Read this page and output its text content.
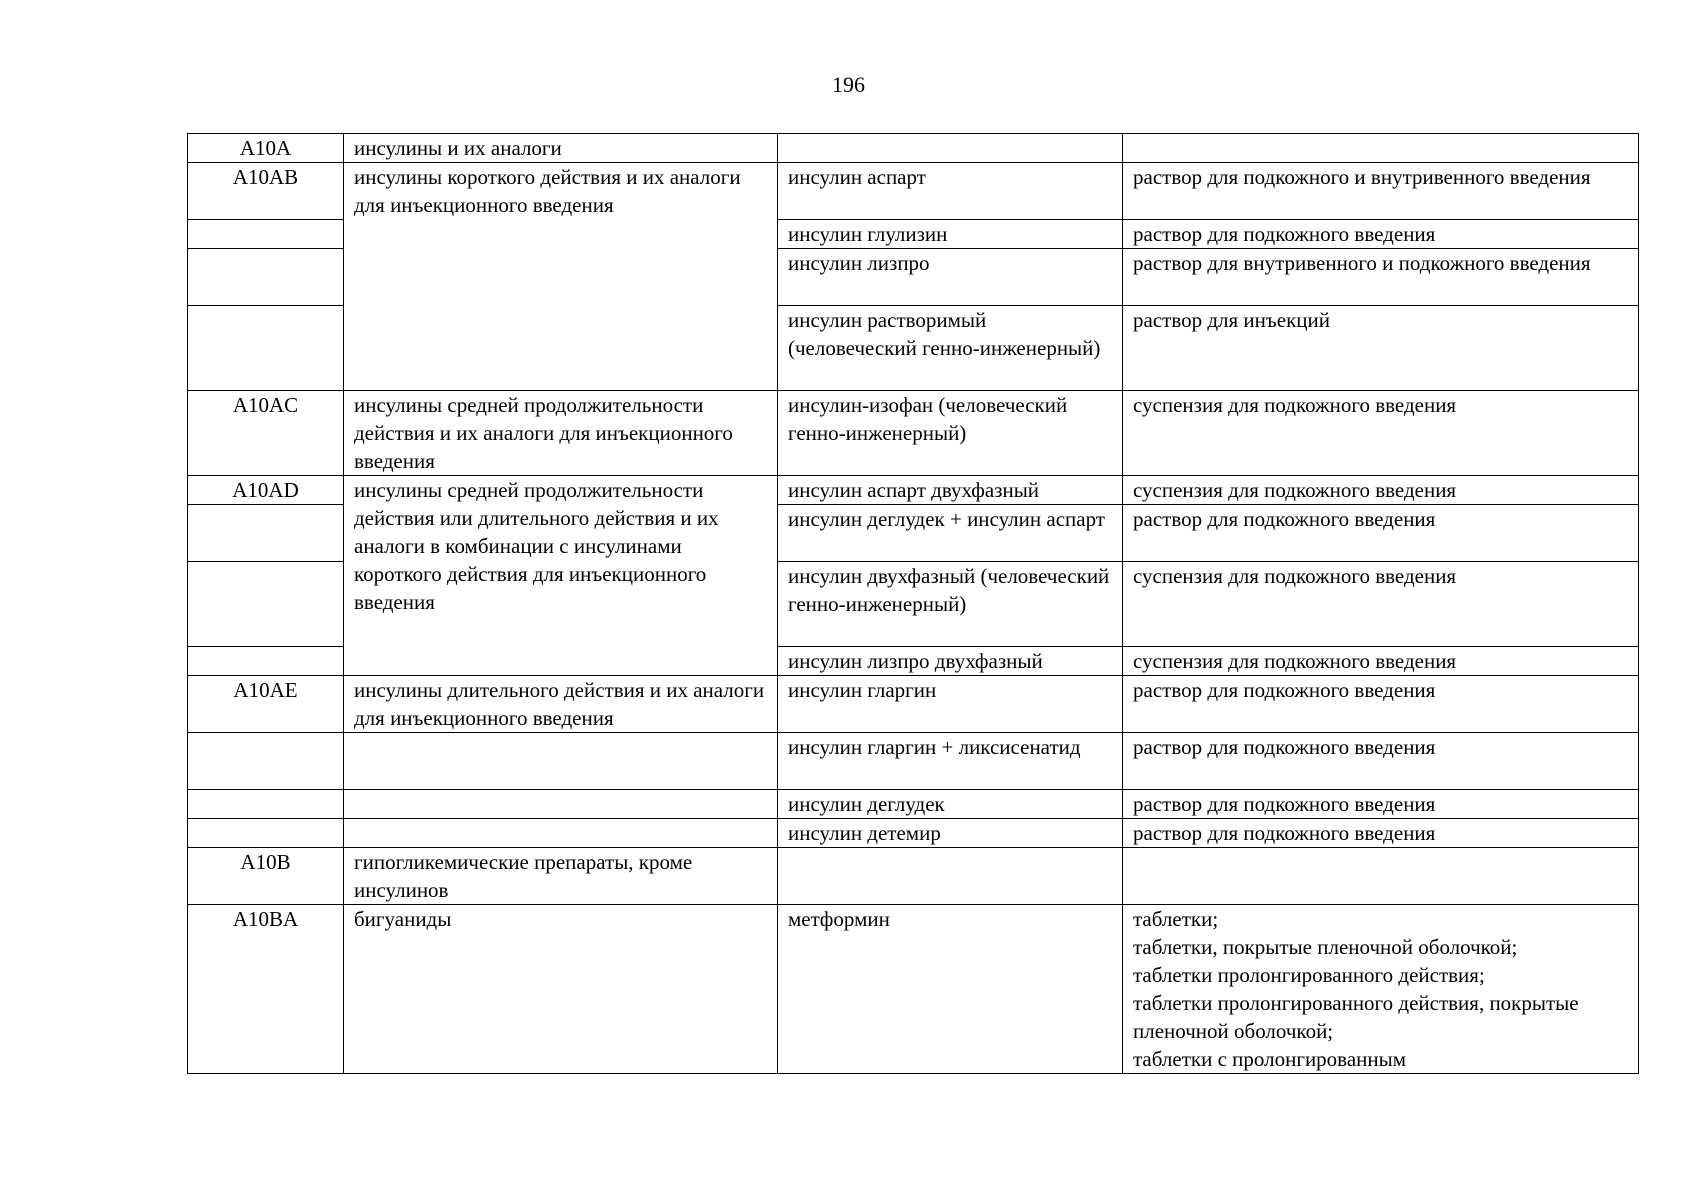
196
A10A	инсулины и их аналоги		
A10AB	инсулины короткого действия и их аналоги для инъекционного введения	инсулин аспарт	раствор для подкожного и внутривенного введения
		инсулин глулизин	раствор для подкожного введения
		инсулин лизпро	раствор для внутривенного и подкожного введения
		инсулин растворимый (человеческий генно-инженерный)	раствор для инъекций
A10AC	инсулины средней продолжительности действия и их аналоги для инъекционного введения	инсулин-изофан (человеческий генно-инженерный)	суспензия для подкожного введения
A10AD	инсулины средней продолжительности действия или длительного действия и их аналоги в комбинации с инсулинами короткого действия для инъекционного введения	инсулин аспарт двухфазный	суспензия для подкожного введения
		инсулин деглудек + инсулин аспарт	раствор для подкожного введения
		инсулин двухфазный (человеческий генно-инженерный)	суспензия для подкожного введения
		инсулин лизпро двухфазный	суспензия для подкожного введения
A10AE	инсулины длительного действия и их аналоги для инъекционного введения	инсулин гларгин	раствор для подкожного введения
		инсулин гларгин + ликсисенатид	раствор для подкожного введения
		инсулин деглудек	раствор для подкожного введения
		инсулин детемир	раствор для подкожного введения
A10B	гипогликемические препараты, кроме инсулинов		
A10BA	бигуаниды	метформин	таблетки;
таблетки, покрытые пленочной оболочкой;
таблетки пролонгированного действия;
таблетки пролонгированного действия, покрытые пленочной оболочкой;
таблетки с пролонгированным
